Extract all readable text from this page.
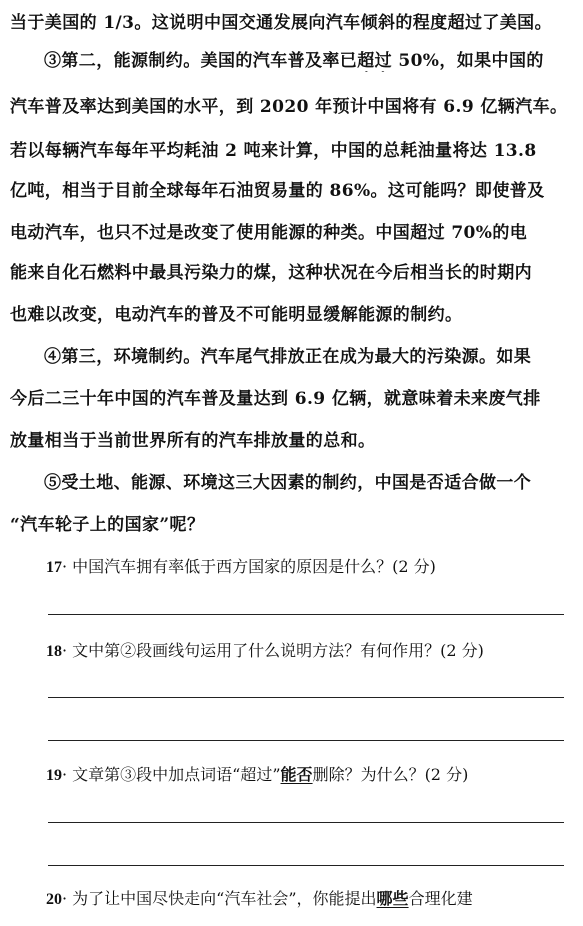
当于美国的 1/3。这说明中国交通发展向汽车倾斜的程度超过了美国。
③第二，能源制约。美国的汽车普及率已超过 · · 50%，如果中国的
汽车普及率达到美国的水平，到 2020 年预计中国将有 6.9 亿辆汽车。
若以每辆汽车每年平均耗油 2 吨来计算，中国的总耗油量将达 13.8
亿吨，相当于目前全球每年石油贸易量的 86%。这可能吗？即使普及
电动汽车，也只不过是改变了使用能源的种类。中国超过 70%的电
能来自化石燃料中最具污染力的煤，这种状况在今后相当长的时期内
也难以改变，电动汽车的普及不可能明显缓解能源的制约。
④第三，环境制约。汽车尾气排放正在成为最大的污染源。如果
今后二三十年中国的汽车普及量达到 6.9 亿辆，就意味着未来废气排
放量相当于当前世界所有的汽车排放量的总和。
⑤受土地、能源、环境这三大因素的制约，中国是否适合做一个
“汽车轮子上的国家”呢？
17· 中国汽车拥有率低于西方国家的原因是什么？(2 分)
18· 文中第②段画线句运用了什么说明方法？有何作用？(2 分)
19· 文章第③段中加点词语“超过”能否删除？为什么？(2 分)
20· 为了让中国尽快走向“汽车社会”，你能提出哪些合理化建
